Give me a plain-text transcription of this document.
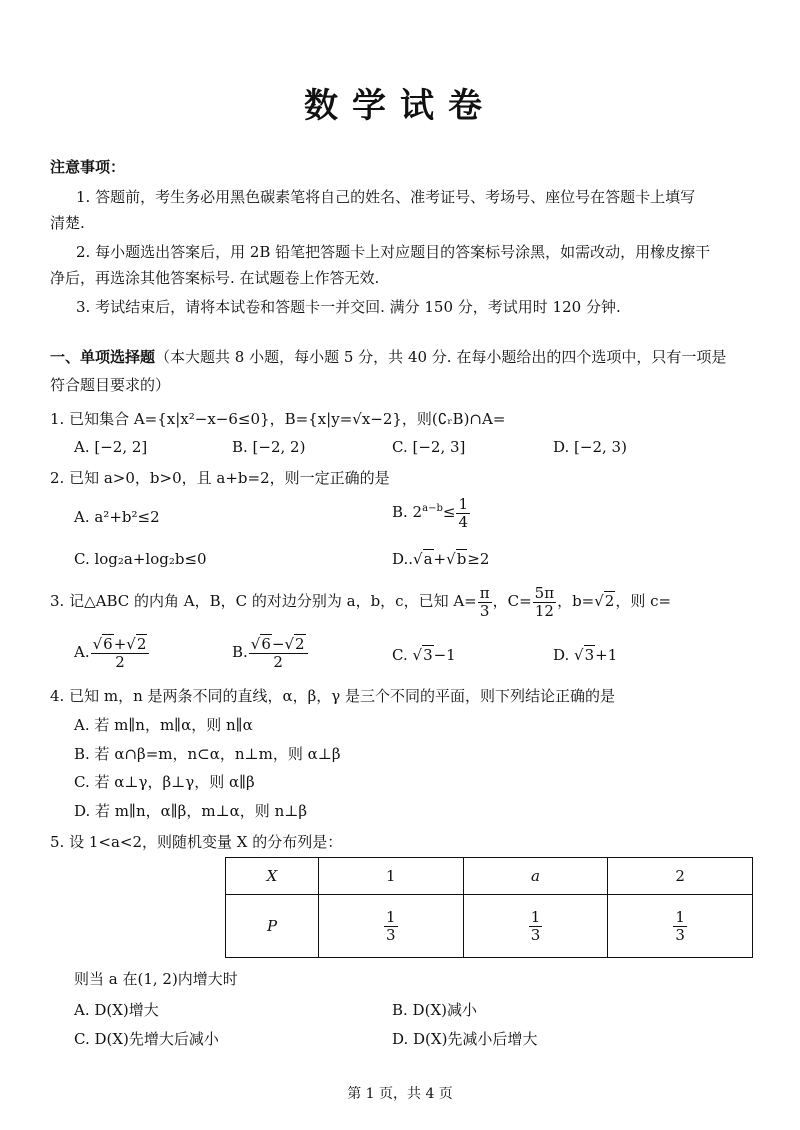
数学试卷
注意事项：
1. 答题前，考生务必用黑色碳素笔将自己的姓名、准考证号、考场号、座位号在答题卡上填写
清楚.
2. 每小题选出答案后，用 2B 铅笔把答题卡上对应题目的答案标号涂黑，如需改动，用橡皮擦干
净后，再选涂其他答案标号. 在试题卷上作答无效.
3. 考试结束后，请将本试卷和答题卡一并交回. 满分 150 分，考试用时 120 分钟.
一、单项选择题（本大题共 8 小题，每小题 5 分，共 40 分. 在每小题给出的四个选项中，只有一项是
符合题目要求的）
1. 已知集合 A={x|x²−x−6≤0}，B={x|y=√x−2}，则(∁ᵣB)∩A=
A. [−2, 2]	B. [−2, 2)	C. [−2, 3]	D. [−2, 3)
2. 已知 a>0，b>0，且 a+b=2，则一定正确的是
A. a²+b²≤2	B. $2^{a-b}\le \frac{1}{4}$
C. log₂a+log₂b≤0	D..√a+√b≥2
3. 记△ABC 的内角 A，B，C 的对边分别为 a，b，c，已知 $A= \frac{\pi}{3}$ ，$C= \frac{5\pi}{12}$ ，b=√2，则 c=
A. $\frac{√6+√2}{2}$	B. $\frac{√6-√2}{2}$	C. √3−1	D. √3+1
4. 已知 m，n 是两条不同的直线，α，β，γ 是三个不同的平面，则下列结论正确的是
A. 若 m∥n，m∥α，则 n∥α
B. 若 α∩β=m，n⊂α，n⊥m，则 α⊥β
C. 若 α⊥γ，β⊥γ，则 α∥β
D. 若 m∥n，α∥β，m⊥α，则 n⊥β
5. 设 1<a<2，则随机变量 X 的分布列是：
X	1	a	2
P	$\frac{1}{3}$	$\frac{1}{3}$	$\frac{1}{3}$
则当 a 在(1, 2)内增大时
A. D(X)增大	B. D(X)减小
C. D(X)先增大后减小	D. D(X)先减小后增大
第 1 页，共 4 页
